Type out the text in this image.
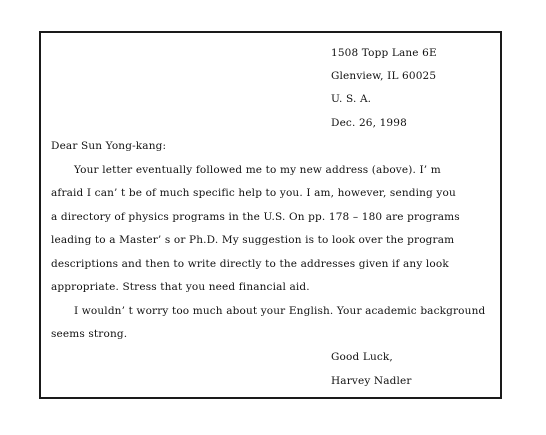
1508 Topp Lane 6E
Glenview, IL 60025
U. S. A.
Dec. 26, 1998
Dear Sun Yong-kang:
Your letter eventually followed me to my new address (above). I’ m
afraid I can’ t be of much specific help to you. I am, however, sending you
a directory of physics programs in the U.S. On pp. 178 – 180 are programs
leading to a Master’ s or Ph.D. My suggestion is to look over the program
descriptions and then to write directly to the addresses given if any look
appropriate. Stress that you need financial aid.
I wouldn’ t worry too much about your English. Your academic background
seems strong.
Good Luck,
Harvey Nadler
